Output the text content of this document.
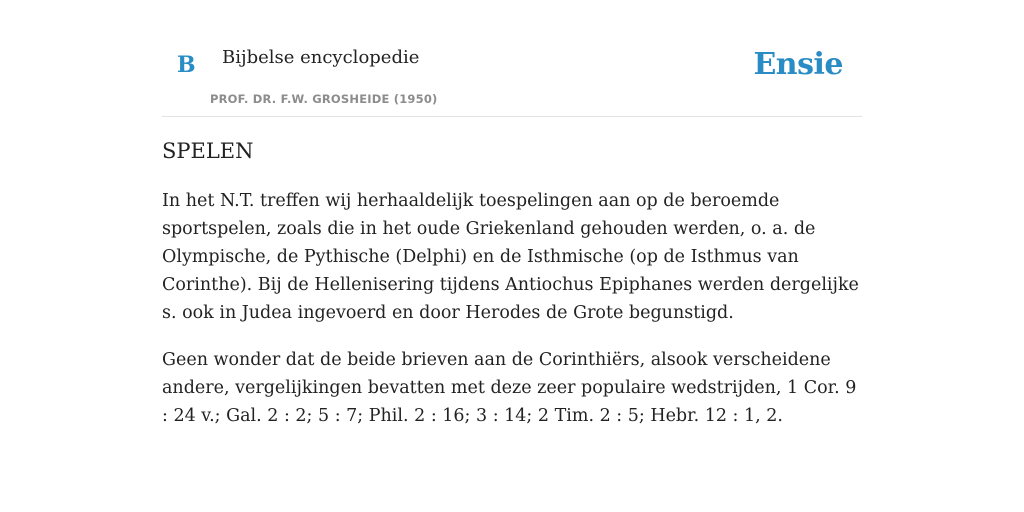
B Bijbelse encyclopedie
PROF. DR. F.W. GROSHEIDE (1950)
Ensie
SPELEN

In het N.T. treffen wij herhaaldelijk toespelingen aan op de beroemde sportspelen, zoals die in het oude Griekenland gehouden werden, o. a. de Olympische, de Pythische (Delphi) en de Isthmische (op de Isthmus van Corinthe). Bij de Hellenisering tijdens Antiochus Epiphanes werden dergelijke s. ook in Judea ingevoerd en door Herodes de Grote begunstigd.

Geen wonder dat de beide brieven aan de Corinthiërs, alsook verscheidene andere, vergelijkingen bevatten met deze zeer populaire wedstrijden, 1 Cor. 9 : 24 v.; Gal. 2 : 2; 5 : 7; Phil. 2 : 16; 3 : 14; 2 Tim. 2 : 5; Hebr. 12 : 1, 2.
